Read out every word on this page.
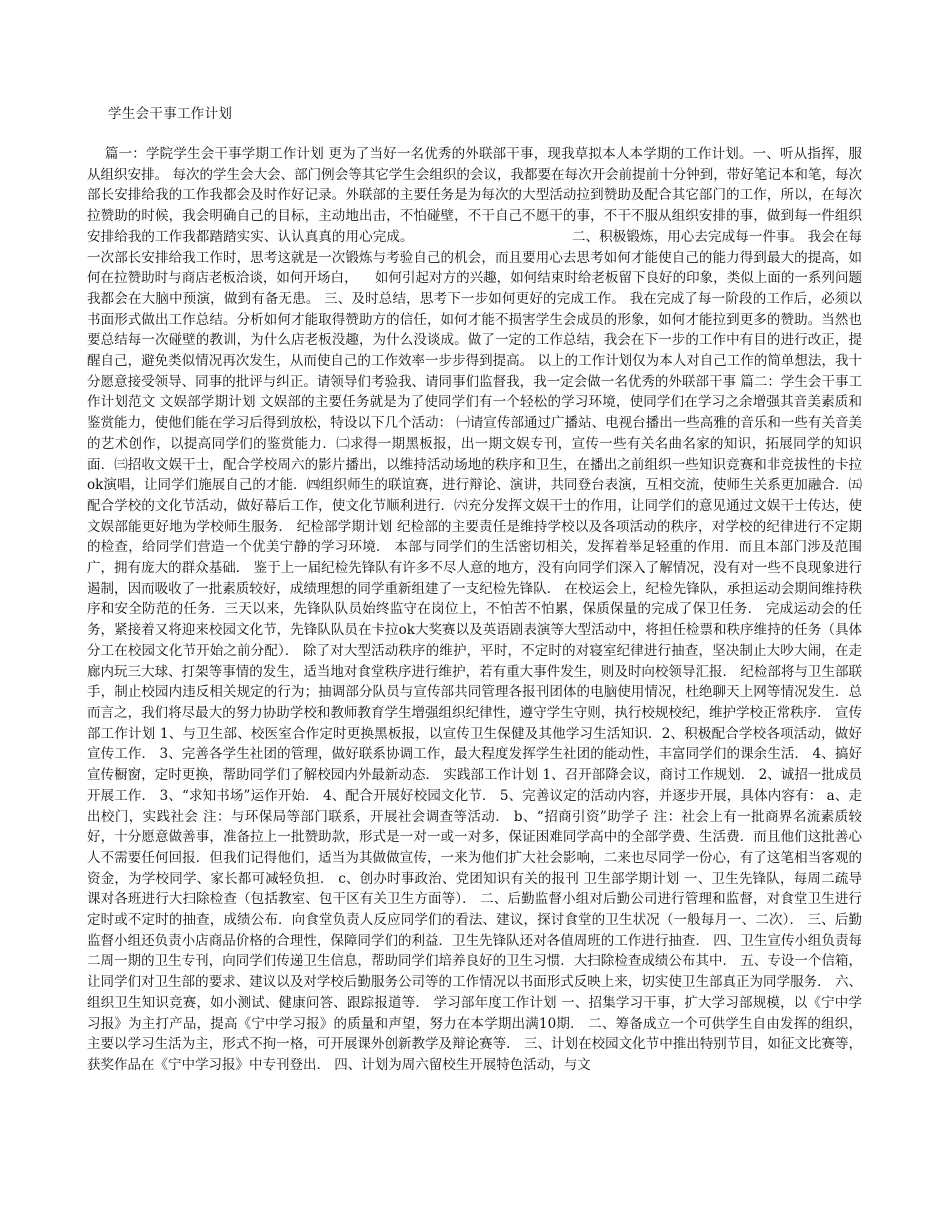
学生会干事工作计划

篇一：学院学生会干事学期工作计划 更为了当好一名优秀的外联部干事，现我草拟本人本学期的工作计划。一、听从指挥，服从组织安排。 每次的学生会大会、部门例会等其它学生会组织的会议，我都要在每次开会前提前十分钟到，带好笔记本和笔，每次部长安排给我的工作我都会及时作好记录。外联部的主要任务是为每次的大型活动拉到赞助及配合其它部门的工作，所以，在每次拉赞助的时候，我会明确自己的目标，主动地出击，不怕碰壁，不干自己不愿干的事，不干不服从组织安排的事，做到每一件组织安排给我的工作我都踏踏实实、认认真真的用心完成。                                    二、积极锻炼，用心去完成每一件事。 我会在每一次部长安排给我工作时，思考这就是一次锻炼与考验自己的机会，而且要用心去思考如何才能使自己的能力得到最大的提高，如何在拉赞助时与商店老板洽谈，如何开场白，    如何引起对方的兴趣，如何结束时给老板留下良好的印象，类似上面的一系列问题我都会在大脑中预演，做到有备无患。 三、及时总结，思考下一步如何更好的完成工作。 我在完成了每一阶段的工作后，必须以书面形式做出工作总结。分析如何才能取得赞助方的信任，如何才能不损害学生会成员的形象，如何才能拉到更多的赞助。当然也要总结每一次碰壁的教训，为什么店老板没趣，为什么没谈成。做了一定的工作总结，我会在下一步的工作中有目的进行改正，提醒自己，避免类似情况再次发生，从而使自己的工作效率一步步得到提高。 以上的工作计划仅为本人对自己工作的简单想法，我十分愿意接受领导、同事的批评与纠正。请领导们考验我、请同事们监督我，我一定会做一名优秀的外联部干事 篇二：学生会干事工作计划范文 文娱部学期计划 文娱部的主要任务就是为了使同学们有一个轻松的学习环境，使同学们在学习之余增强其音美素质和鉴赏能力，使他们能在学习后得到放松，特设以下几个活动： ㈠请宣传部通过广播站、电视台播出一些高雅的音乐和一些有关音美的艺术创作，以提高同学们的鉴赏能力．㈡求得一期黑板报，出一期文娱专刊，宣传一些有关名曲名家的知识，拓展同学的知识面．㈢招收文娱干士，配合学校周六的影片播出，以维持活动场地的秩序和卫生，在播出之前组织一些知识竞赛和非竞拔性的卡拉ok演唱，让同学们施展自己的才能．㈣组织师生的联谊赛，进行辩论、演讲，共同登台表演，互相交流，使师生关系更加融合．㈤配合学校的文化节活动，做好幕后工作，使文化节顺利进行．㈥充分发挥文娱干士的作用，让同学们的意见通过文娱干士传达，使文娱部能更好地为学校师生服务． 纪检部学期计划 纪检部的主要责任是维持学校以及各项活动的秩序，对学校的纪律进行不定期的检查，给同学们营造一个优美宁静的学习环境． 本部与同学们的生活密切相关，发挥着举足轻重的作用．而且本部门涉及范围广，拥有庞大的群众基础． 鉴于上一届纪检先锋队有许多不尽人意的地方，没有向同学们深入了解情况，没有对一些不良现象进行遏制，因而吸收了一批素质较好，成绩理想的同学重新组建了一支纪检先锋队． 在校运会上，纪检先锋队，承担运动会期间维持秩序和安全防范的任务．三天以来，先锋队队员始终监守在岗位上，不怕苦不怕累，保质保量的完成了保卫任务． 完成运动会的任务，紧接着又将迎来校园文化节，先锋队队员在卡拉ok大奖赛以及英语剧表演等大型活动中，将担任检票和秩序维持的任务（具体分工在校园文化节开始之前分配）． 除了对大型活动秩序的维护，平时，不定时的对寝室纪律进行抽查，坚决制止大吵大闹，在走廊内玩三大球、打架等事情的发生，适当地对食堂秩序进行维护，若有重大事件发生，则及时向校领导汇报． 纪检部将与卫生部联手，制止校园内违反相关规定的行为；抽调部分队员与宣传部共同管理各报刊团体的电脑使用情况，杜绝聊天上网等情况发生．总而言之，我们将尽最大的努力协助学校和教师教育学生增强组织纪律性，遵守学生守则，执行校规校纪，维护学校正常秩序． 宣传部工作计划 1、与卫生部、校医室合作定时更换黑板报，以宣传卫生保健及其他学习生活知识．2、积极配合学校各项活动，做好宣传工作． 3、完善各学生社团的管理，做好联系协调工作，最大程度发挥学生社团的能动性，丰富同学们的课余生活． 4、搞好宣传橱窗，定时更换，帮助同学们了解校园内外最新动态． 实践部工作计划 1、召开部降会议，商讨工作规划． 2、诚招一批成员开展工作． 3、“求知书场”运作开始． 4、配合开展好校园文化节． 5、完善议定的活动内容，并逐步开展，具体内容有： a、走出校门，实践社会 注：与环保局等部门联系，开展社会调查等活动． b、“招商引资”助学子 注：社会上有一批商界名流素质较好，十分愿意做善事，准备拉上一批赞助款，形式是一对一或一对多，保证困难同学高中的全部学费、生活费．而且他们这批善心人不需要任何回报．但我们记得他们，适当为其做做宣传，一来为他们扩大社会影响，二来也尽同学一份心，有了这笔相当客观的资金，为学校同学、家长都可减轻负担． c、创办时事政治、党团知识有关的报刊 卫生部学期计划 一、卫生先锋队，每周二疏导课对各班进行大扫除检查（包括教室、包干区有关卫生方面等）． 二、后勤监督小组对后勤公司进行管理和监督，对食堂卫生进行定时或不定时的抽查，成绩公布．向食堂负责人反应同学们的看法、建议，探讨食堂的卫生状况（一般每月一、二次）． 三、后勤监督小组还负责小店商品价格的合理性，保障同学们的利益．卫生先锋队还对各值周班的工作进行抽查． 四、卫生宣传小组负责每二周一期的卫生专刊，向同学们传递卫生信息，帮助同学们培养良好的卫生习惯．大扫除检查成绩公布其中． 五、专设一个信箱，让同学们对卫生部的要求、建议以及对学校后勤服务公司等的工作情况以书面形式反映上来，切实使卫生部真正为同学服务． 六、组织卫生知识竞赛，如小测试、健康问答、跟踪报道等． 学习部年度工作计划 一、招集学习干事，扩大学习部规模，以《宁中学习报》为主打产品，提高《宁中学习报》的质量和声望，努力在本学期出满10期． 二、筹备成立一个可供学生自由发挥的组织，主要以学习生活为主，形式不拘一格，可开展课外创新教学及辩论赛等． 三、计划在校园文化节中推出特别节目，如征文比赛等，获奖作品在《宁中学习报》中专刊登出． 四、计划为周六留校生开展特色活动，与文
